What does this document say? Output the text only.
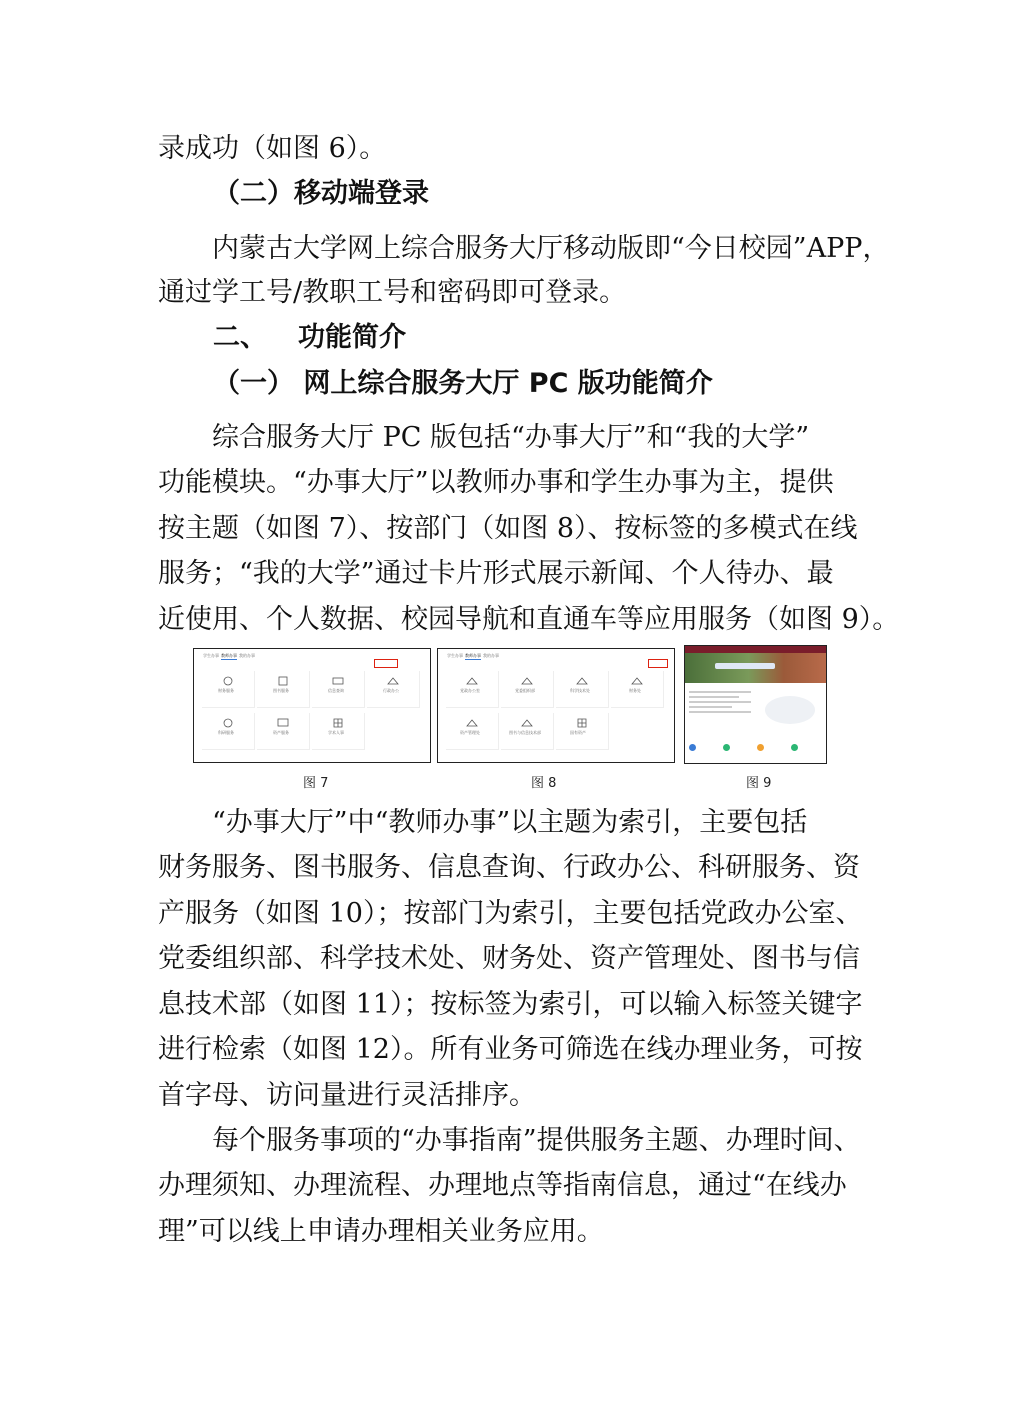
录成功（如图 6）。
（二）移动端登录
内蒙古大学网上综合服务大厅移动版即“今日校园”APP，
通过学工号/教职工号和密码即可登录。
二、 功能简介
（一） 网上综合服务大厅 PC 版功能简介
综合服务大厅 PC 版包括“办事大厅”和“我的大学”
功能模块。“办事大厅”以教师办事和学生办事为主，提供
按主题（如图 7）、按部门（如图 8）、按标签的多模式在线
服务；“我的大学”通过卡片形式展示新闻、个人待办、最
近使用、个人数据、校园导航和直通车等应用服务（如图 9）。
学生办事 教师办事 我的办事
财务服务	图书服务	信息查询	行政办公
科研服务	资产服务	学术人事
图 7
学生办事 教师办事 我的办事
党政办公室	党委组织部	科学技术处	财务处
资产管理处	图书与信息技术部	国有资产
图 8	图 9
“办事大厅”中“教师办事”以主题为索引，主要包括
财务服务、图书服务、信息查询、行政办公、科研服务、资
产服务（如图 10）；按部门为索引，主要包括党政办公室、
党委组织部、科学技术处、财务处、资产管理处、图书与信
息技术部（如图 11）；按标签为索引，可以输入标签关键字
进行检索（如图 12）。所有业务可筛选在线办理业务，可按
首字母、访问量进行灵活排序。
每个服务事项的“办事指南”提供服务主题、办理时间、
办理须知、办理流程、办理地点等指南信息，通过“在线办
理”可以线上申请办理相关业务应用。
